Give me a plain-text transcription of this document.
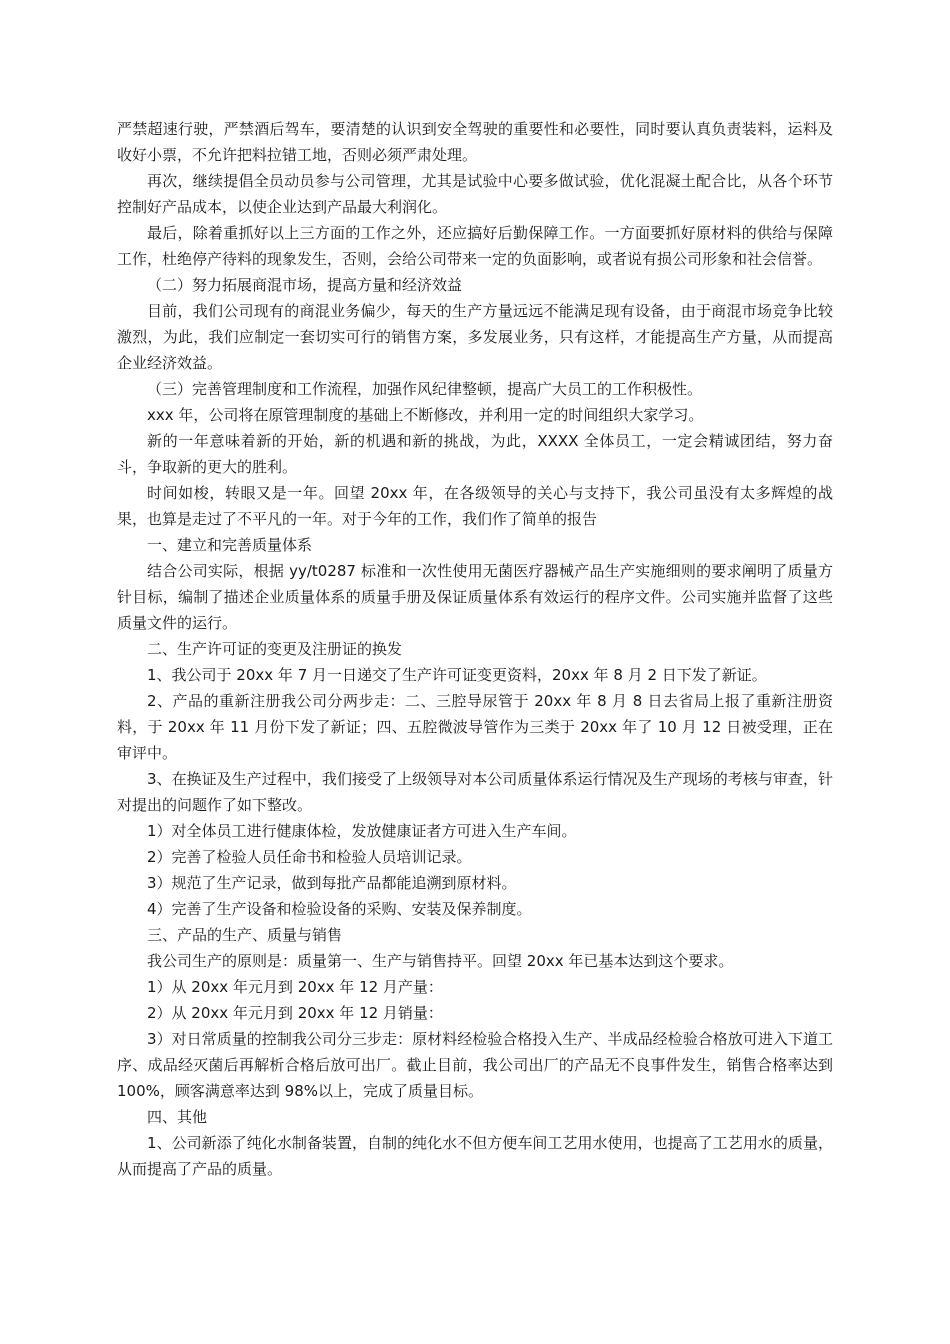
严禁超速行驶，严禁酒后驾车，要清楚的认识到安全驾驶的重要性和必要性，同时要认真负责装料，运料及收好小票，不允许把料拉错工地，否则必须严肃处理。

再次，继续提倡全员动员参与公司管理，尤其是试验中心要多做试验，优化混凝土配合比，从各个环节控制好产品成本，以使企业达到产品最大利润化。

最后，除着重抓好以上三方面的工作之外，还应搞好后勤保障工作。一方面要抓好原材料的供给与保障工作，杜绝停产待料的现象发生，否则，会给公司带来一定的负面影响，或者说有损公司形象和社会信誉。

（二）努力拓展商混市场，提高方量和经济效益

目前，我们公司现有的商混业务偏少，每天的生产方量远远不能满足现有设备，由于商混市场竞争比较激烈，为此，我们应制定一套切实可行的销售方案，多发展业务，只有这样，才能提高生产方量，从而提高企业经济效益。

（三）完善管理制度和工作流程，加强作风纪律整顿，提高广大员工的工作积极性。

xxx 年，公司将在原管理制度的基础上不断修改，并利用一定的时间组织大家学习。

新的一年意味着新的开始，新的机遇和新的挑战，为此，XXXX 全体员工，一定会精诚团结，努力奋斗，争取新的更大的胜利。

时间如梭，转眼又是一年。回望 20xx 年，在各级领导的关心与支持下，我公司虽没有太多辉煌的战果，也算是走过了不平凡的一年。对于今年的工作，我们作了简单的报告

一、建立和完善质量体系

结合公司实际，根据 yy/t0287 标准和一次性使用无菌医疗器械产品生产实施细则的要求阐明了质量方针目标，编制了描述企业质量体系的质量手册及保证质量体系有效运行的程序文件。公司实施并监督了这些质量文件的运行。

二、生产许可证的变更及注册证的换发

1、我公司于 20xx 年 7 月一日递交了生产许可证变更资料，20xx 年 8 月 2 日下发了新证。

2、产品的重新注册我公司分两步走：二、三腔导尿管于 20xx 年 8 月 8 日去省局上报了重新注册资料，于 20xx 年 11 月份下发了新证；四、五腔微波导管作为三类于 20xx 年了 10 月 12 日被受理，正在审评中。

3、在换证及生产过程中，我们接受了上级领导对本公司质量体系运行情况及生产现场的考核与审查，针对提出的问题作了如下整改。

1）对全体员工进行健康体检，发放健康证者方可进入生产车间。

2）完善了检验人员任命书和检验人员培训记录。

3）规范了生产记录，做到每批产品都能追溯到原材料。

4）完善了生产设备和检验设备的采购、安装及保养制度。

三、产品的生产、质量与销售

我公司生产的原则是：质量第一、生产与销售持平。回望 20xx 年已基本达到这个要求。

1）从 20xx 年元月到 20xx 年 12 月产量：

2）从 20xx 年元月到 20xx 年 12 月销量：

3）对日常质量的控制我公司分三步走：原材料经检验合格投入生产、半成品经检验合格放可进入下道工序、成品经灭菌后再解析合格后放可出厂。截止目前，我公司出厂的产品无不良事件发生，销售合格率达到 100%，顾客满意率达到 98%以上，完成了质量目标。

四、其他

1、公司新添了纯化水制备装置，自制的纯化水不但方便车间工艺用水使用，也提高了工艺用水的质量，从而提高了产品的质量。
